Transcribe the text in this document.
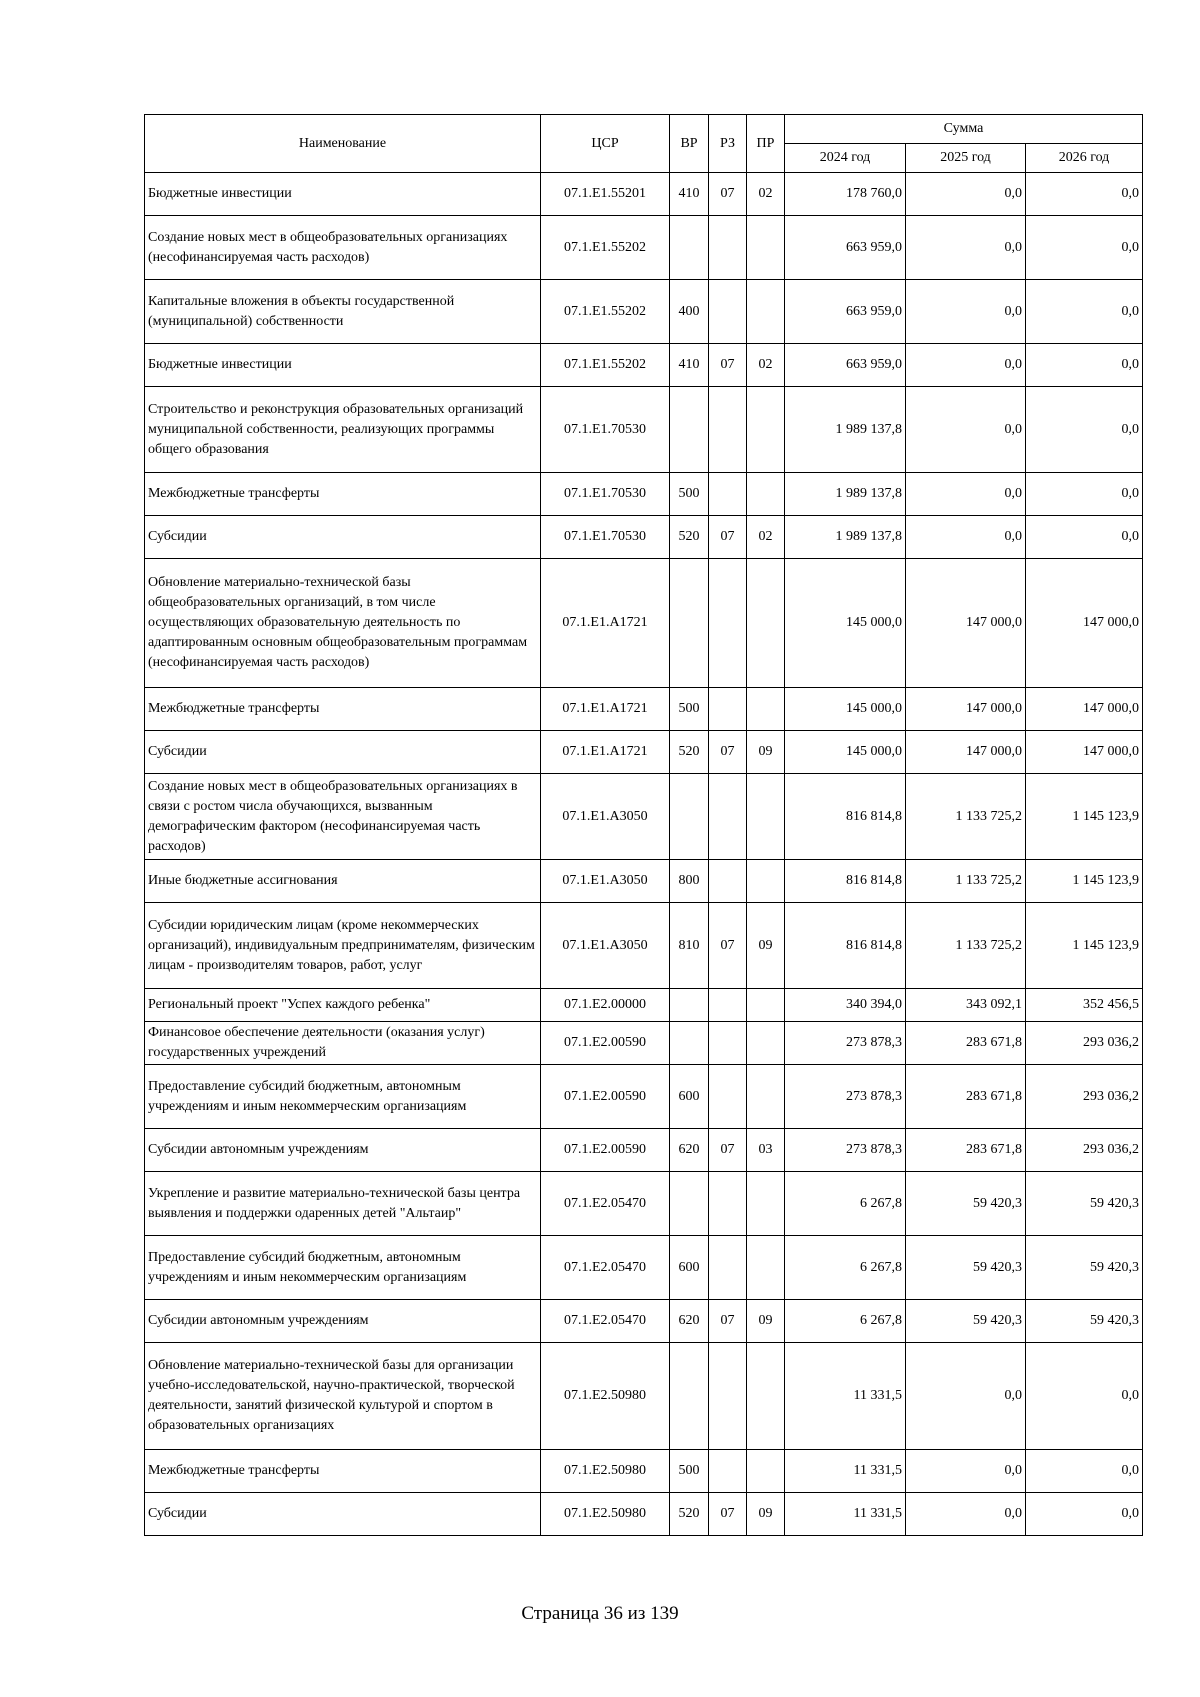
Наименование	ЦСР	ВР	РЗ	ПР	Сумма		
					2024 год	2025 год	2026 год
Бюджетные инвестиции	07.1.E1.55201	410	07	02	178 760,0	0,0	0,0
Создание новых мест в общеобразовательных организациях (несофинансируемая часть расходов)	07.1.E1.55202				663 959,0	0,0	0,0
Капитальные вложения в объекты государственной (муниципальной) собственности	07.1.E1.55202	400			663 959,0	0,0	0,0
Бюджетные инвестиции	07.1.E1.55202	410	07	02	663 959,0	0,0	0,0
Строительство и реконструкция образовательных организаций муниципальной собственности, реализующих программы общего образования	07.1.E1.70530				1 989 137,8	0,0	0,0
Межбюджетные трансферты	07.1.E1.70530	500			1 989 137,8	0,0	0,0
Субсидии	07.1.E1.70530	520	07	02	1 989 137,8	0,0	0,0
Обновление материально-технической базы общеобразовательных организаций, в том числе осуществляющих образовательную деятельность по адаптированным основным общеобразовательным программам (несофинансируемая часть расходов)	07.1.E1.A1721				145 000,0	147 000,0	147 000,0
Межбюджетные трансферты	07.1.E1.A1721	500			145 000,0	147 000,0	147 000,0
Субсидии	07.1.E1.A1721	520	07	09	145 000,0	147 000,0	147 000,0
Создание новых мест в общеобразовательных организациях в связи с ростом числа обучающихся, вызванным демографическим фактором (несофинансируемая часть расходов)	07.1.E1.A3050				816 814,8	1 133 725,2	1 145 123,9
Иные бюджетные ассигнования	07.1.E1.A3050	800			816 814,8	1 133 725,2	1 145 123,9
Субсидии юридическим лицам (кроме некоммерческих организаций), индивидуальным предпринимателям, физическим лицам - производителям товаров, работ, услуг	07.1.E1.A3050	810	07	09	816 814,8	1 133 725,2	1 145 123,9
Региональный проект "Успех каждого ребенка"	07.1.E2.00000				340 394,0	343 092,1	352 456,5
Финансовое обеспечение деятельности (оказания услуг) государственных учреждений	07.1.E2.00590				273 878,3	283 671,8	293 036,2
Предоставление субсидий бюджетным, автономным учреждениям и иным некоммерческим организациям	07.1.E2.00590	600			273 878,3	283 671,8	293 036,2
Субсидии автономным учреждениям	07.1.E2.00590	620	07	03	273 878,3	283 671,8	293 036,2
Укрепление и развитие материально-технической базы центра выявления и поддержки одаренных детей "Альтаир"	07.1.E2.05470				6 267,8	59 420,3	59 420,3
Предоставление субсидий бюджетным, автономным учреждениям и иным некоммерческим организациям	07.1.E2.05470	600			6 267,8	59 420,3	59 420,3
Субсидии автономным учреждениям	07.1.E2.05470	620	07	09	6 267,8	59 420,3	59 420,3
Обновление материально-технической базы для организации учебно-исследовательской, научно-практической, творческой деятельности, занятий физической культурой и спортом в образовательных организациях	07.1.E2.50980				11 331,5	0,0	0,0
Межбюджетные трансферты	07.1.E2.50980	500			11 331,5	0,0	0,0
Субсидии	07.1.E2.50980	520	07	09	11 331,5	0,0	0,0
Страница 36 из 139
